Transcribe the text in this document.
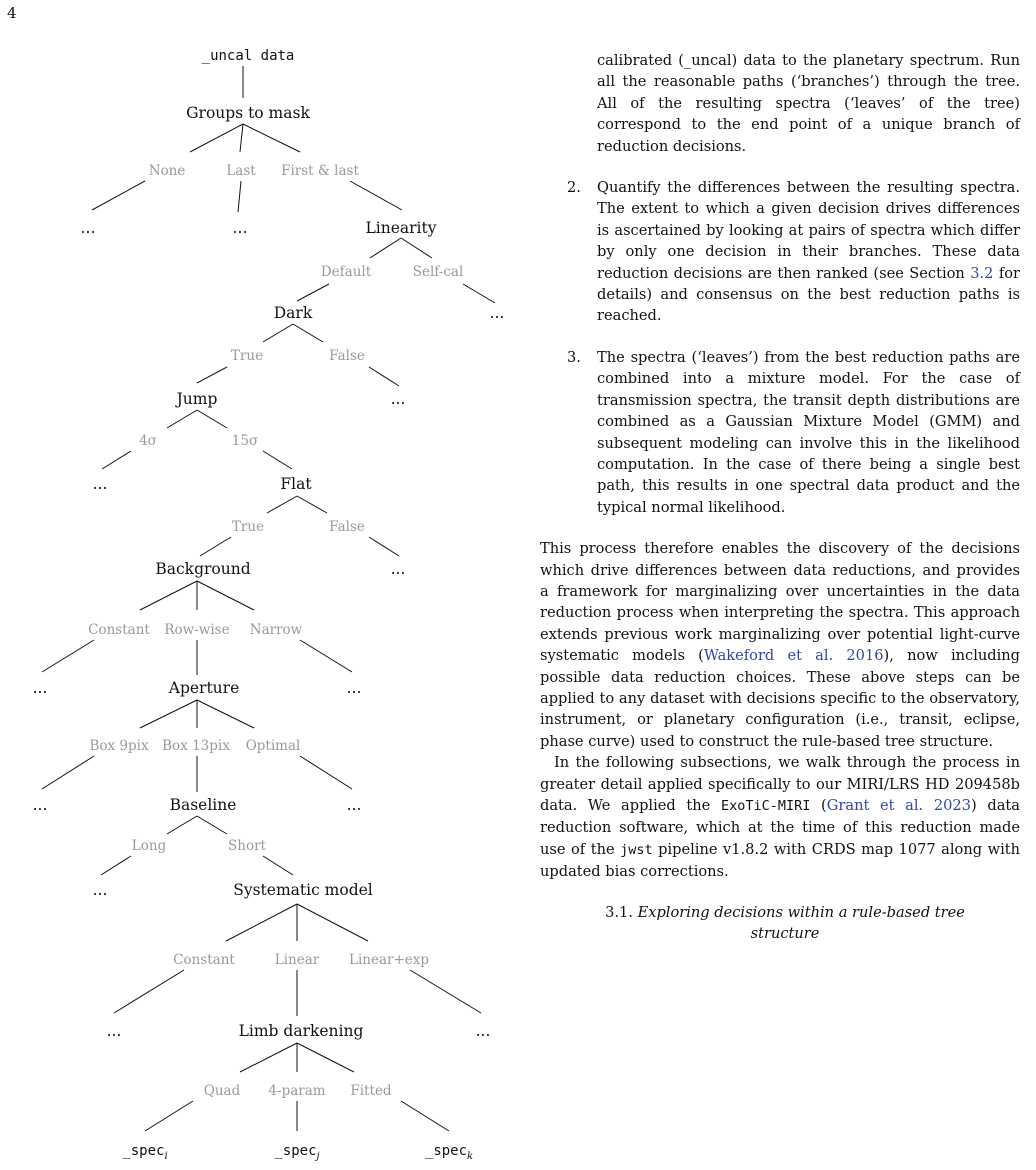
4
_uncal data
Groups to mask
None	Last First & last
...	...	Linearity
Default	Self-cal
...
Dark
True	False
Jump	...
4σ	15σ
...	Flat
True	False
Background	...
Constant Row-wise Narrow
...	Aperture	...
Box 9pix Box 13pix Optimal
...	Baseline	...
Long	Short
...	Systematic model
Constant	Linear Linear+exp
...	Limb darkening	...
Quad 4-param Fitted
_spec$_i$	_spec$_j$	_spec$_k$

calibrated (_uncal) data to the planetary spectrum. Run all the reasonable paths (‘branches’) through the tree. All of the resulting spectra (‘leaves’ of the tree) correspond to the end point of a unique branch of reduction decisions.

2. Quantify the differences between the resulting spectra. The extent to which a given decision drives differences is ascertained by looking at pairs of spectra which differ by only one decision in their branches. These data reduction decisions are then ranked (see Section 3.2 for details) and consensus on the best reduction paths is reached.

3. The spectra (‘leaves’) from the best reduction paths are combined into a mixture model. For the case of transmission spectra, the transit depth distributions are combined as a Gaussian Mixture Model (GMM) and subsequent modeling can involve this in the likelihood computation. In the case of there being a single best path, this results in one spectral data product and the typical normal likelihood.

This process therefore enables the discovery of the decisions which drive differences between data reductions, and provides a framework for marginalizing over uncertainties in the data reduction process when interpreting the spectra. This approach extends previous work marginalizing over potential light-curve systematic models (Wakeford et al. 2016), now including possible data reduction choices. These above steps can be applied to any dataset with decisions specific to the observatory, instrument, or planetary configuration (i.e., transit, eclipse, phase curve) used to construct the rule-based tree structure.

In the following subsections, we walk through the process in greater detail applied specifically to our MIRI/LRS HD 209458b data. We applied the ExoTiC-MIRI (Grant et al. 2023) data reduction software, which at the time of this reduction made use of the jwst pipeline v1.8.2 with CRDS map 1077 along with updated bias corrections.

3.1. Exploring decisions within a rule-based tree structure
